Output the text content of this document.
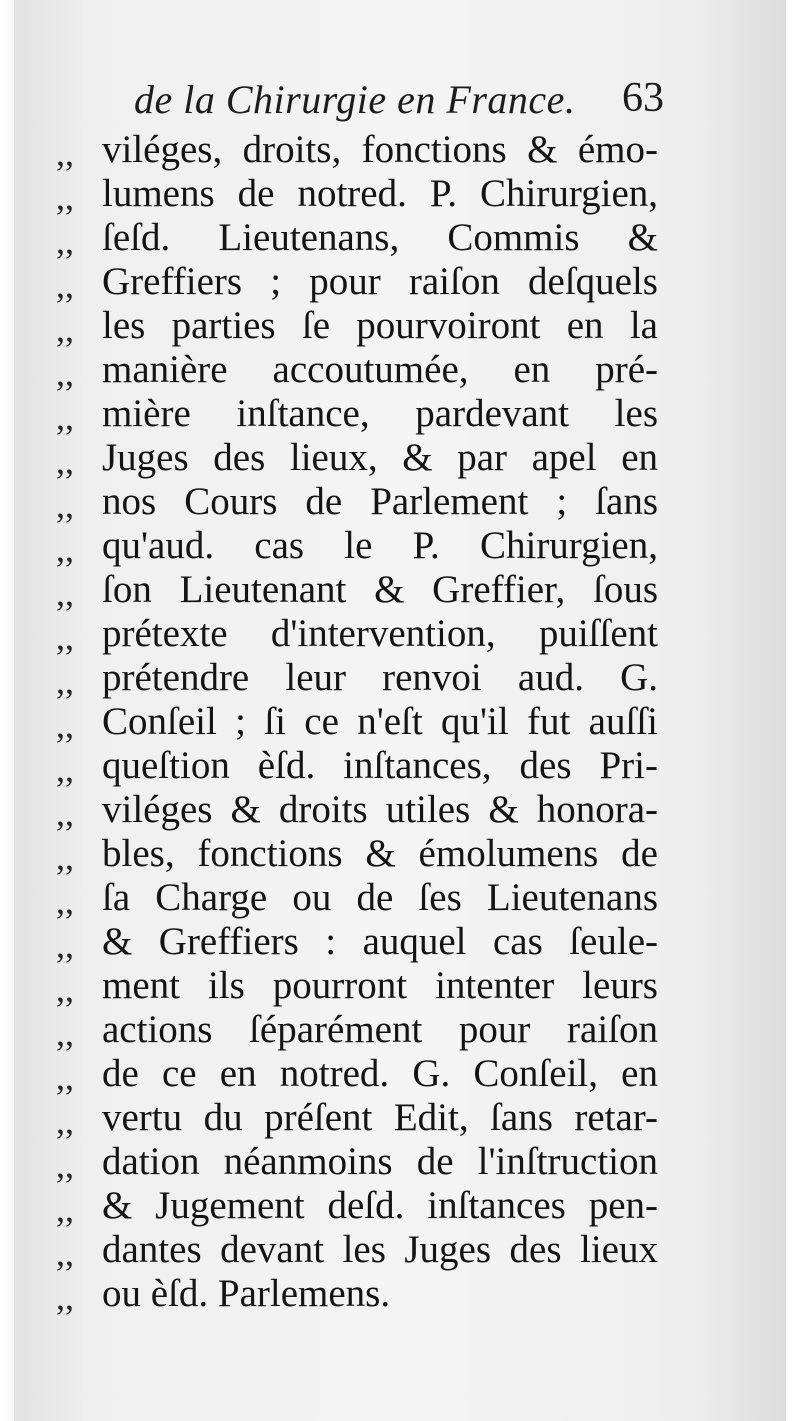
de la Chirurgie en France. 63
,, viléges, droits, fonctions & émo-
,, lumens de notred. P. Chirurgien,
,, ſeſd. Lieutenans, Commis &
,, Greffiers ; pour raiſon deſquels
,, les parties ſe pourvoiront en la
,, manière accoutumée, en pré-
,, mière inſtance, pardevant les
,, Juges des lieux, & par apel en
,, nos Cours de Parlement ; ſans
,, qu'aud. cas le P. Chirurgien,
,, ſon Lieutenant & Greffier, ſous
,, prétexte d'intervention, puiſſent
,, prétendre leur renvoi aud. G.
,, Conſeil ; ſi ce n'eſt qu'il fut auſſi
,, queſtion èſd. inſtances, des Pri-
,, viléges & droits utiles & honora-
,, bles, fonctions & émolumens de
,, ſa Charge ou de ſes Lieutenans
,, & Greffiers : auquel cas ſeule-
,, ment ils pourront intenter leurs
,, actions ſéparément pour raiſon
,, de ce en notred. G. Conſeil, en
,, vertu du préſent Edit, ſans retar-
,, dation néanmoins de l'inſtruction
,, & Jugement deſd. inſtances pen-
,, dantes devant les Juges des lieux
,, ou èſd. Parlemens.
